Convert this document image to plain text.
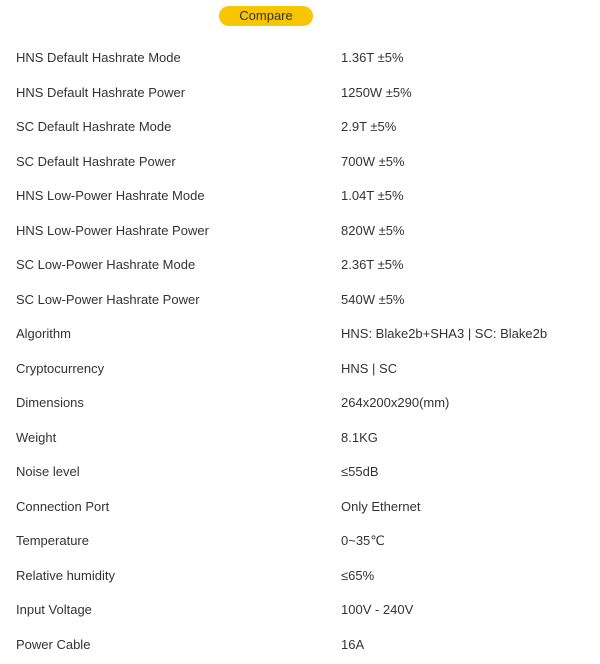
Compare
HNS Default Hashrate Mode	1.36T ±5%
HNS Default Hashrate Power	1250W ±5%
SC Default Hashrate Mode	2.9T ±5%
SC Default Hashrate Power	700W ±5%
HNS Low-Power Hashrate Mode	1.04T ±5%
HNS Low-Power Hashrate Power	820W ±5%
SC Low-Power Hashrate Mode	2.36T ±5%
SC Low-Power Hashrate Power	540W ±5%
Algorithm	HNS: Blake2b+SHA3 | SC: Blake2b
Cryptocurrency	HNS | SC
Dimensions	264x200x290(mm)
Weight	8.1KG
Noise level	≤55dB
Connection Port	Only Ethernet
Temperature	0~35℃
Relative humidity	≤65%
Input Voltage	100V - 240V
Power Cable	16A
